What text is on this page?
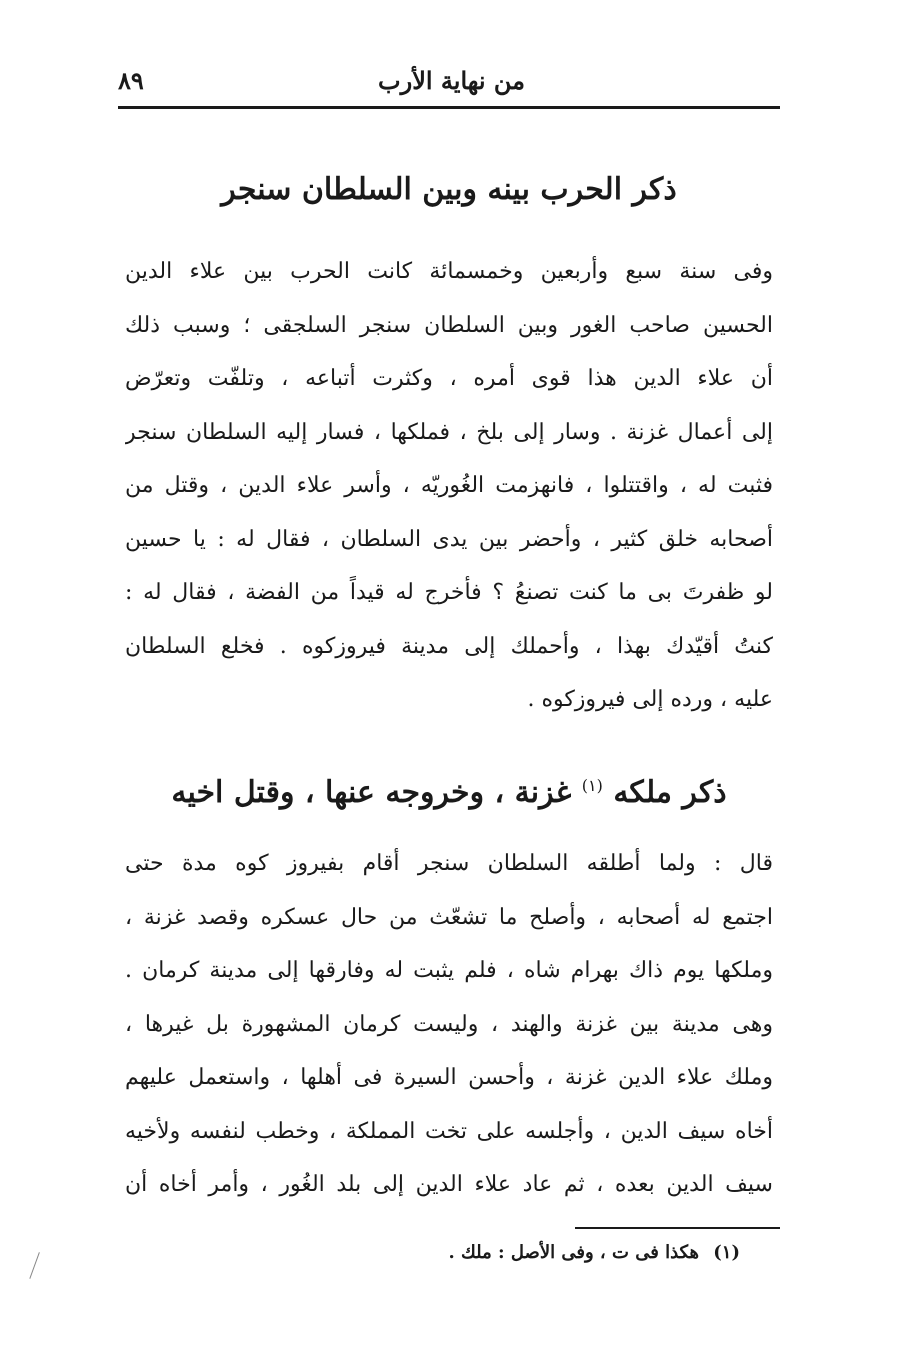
من نهاية الأرب
٨٩
ذكر الحرب بينه وبين السلطان سنجر
وفى سنة سبع وأربعين وخمسمائة كانت الحرب بين علاء الدين
الحسين صاحب الغور وبين السلطان سنجر السلجقى ؛ وسبب ذلك
أن علاء الدين هذا قوى أمره ، وكثرت أتباعه ، وتلفّت وتعرّض
إلى أعمال غزنة . وسار إلى بلخ ، فملكها ، فسار إليه السلطان سنجر
فثبت له ، واقتتلوا ، فانهزمت الغُوريّه ، وأسر علاء الدين ، وقتل من
أصحابه خلق كثير ، وأحضر بين يدى السلطان ، فقال له : يا حسين
لو ظفرتَ بى ما كنت تصنعُ ؟ فأخرج له قيداً من الفضة ، فقال له :
كنتُ أقيّدك بهذا ، وأحملك إلى مدينة فيروزكوه . فخلع السلطان
عليه ، ورده إلى فيروزكوه .
ذكر ملكه $^{(١)}$ غزنة ، وخروجه عنها ، وقتل اخيه
قال : ولما أطلقه السلطان سنجر أقام بفيروز كوه مدة حتى
اجتمع له أصحابه ، وأصلح ما تشعّث من حال عسكره وقصد غزنة ،
وملكها يوم ذاك بهرام شاه ، فلم يثبت له وفارقها إلى مدينة كرمان .
وهى مدينة بين غزنة والهند ، وليست كرمان المشهورة بل غيرها ،
وملك علاء الدين غزنة ، وأحسن السيرة فى أهلها ، واستعمل عليهم
أخاه سيف الدين ، وأجلسه على تخت المملكة ، وخطب لنفسه ولأخيه
سيف الدين بعده ، ثم عاد علاء الدين إلى بلد الغُور ، وأمر أخاه أن
(١) هكذا فى ت ، وفى الأصل : ملك .
